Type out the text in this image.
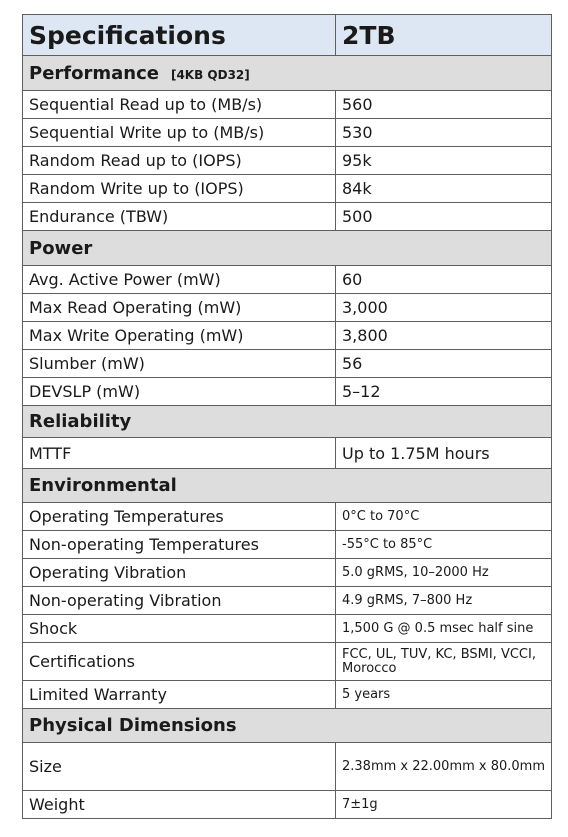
Specifications	2TB
Performance [4KB QD32]	
Sequential Read up to (MB/s)	560
Sequential Write up to (MB/s)	530
Random Read up to (IOPS)	95k
Random Write up to (IOPS)	84k
Endurance (TBW)	500
Power	
Avg. Active Power (mW)	60
Max Read Operating (mW)	3,000
Max Write Operating (mW)	3,800
Slumber (mW)	56
DEVSLP (mW)	5–12
Reliability	
MTTF	Up to 1.75M hours
Environmental	
Operating Temperatures	0°C to 70°C
Non-operating Temperatures	-55°C to 85°C
Operating Vibration	5.0 gRMS, 10–2000 Hz
Non-operating Vibration	4.9 gRMS, 7–800 Hz
Shock	1,500 G @ 0.5 msec half sine
Certifications	FCC, UL, TUV, KC, BSMI, VCCI, Morocco
Limited Warranty	5 years
Physical Dimensions	
Size	2.38mm x 22.00mm x 80.0mm
Weight	7±1g
